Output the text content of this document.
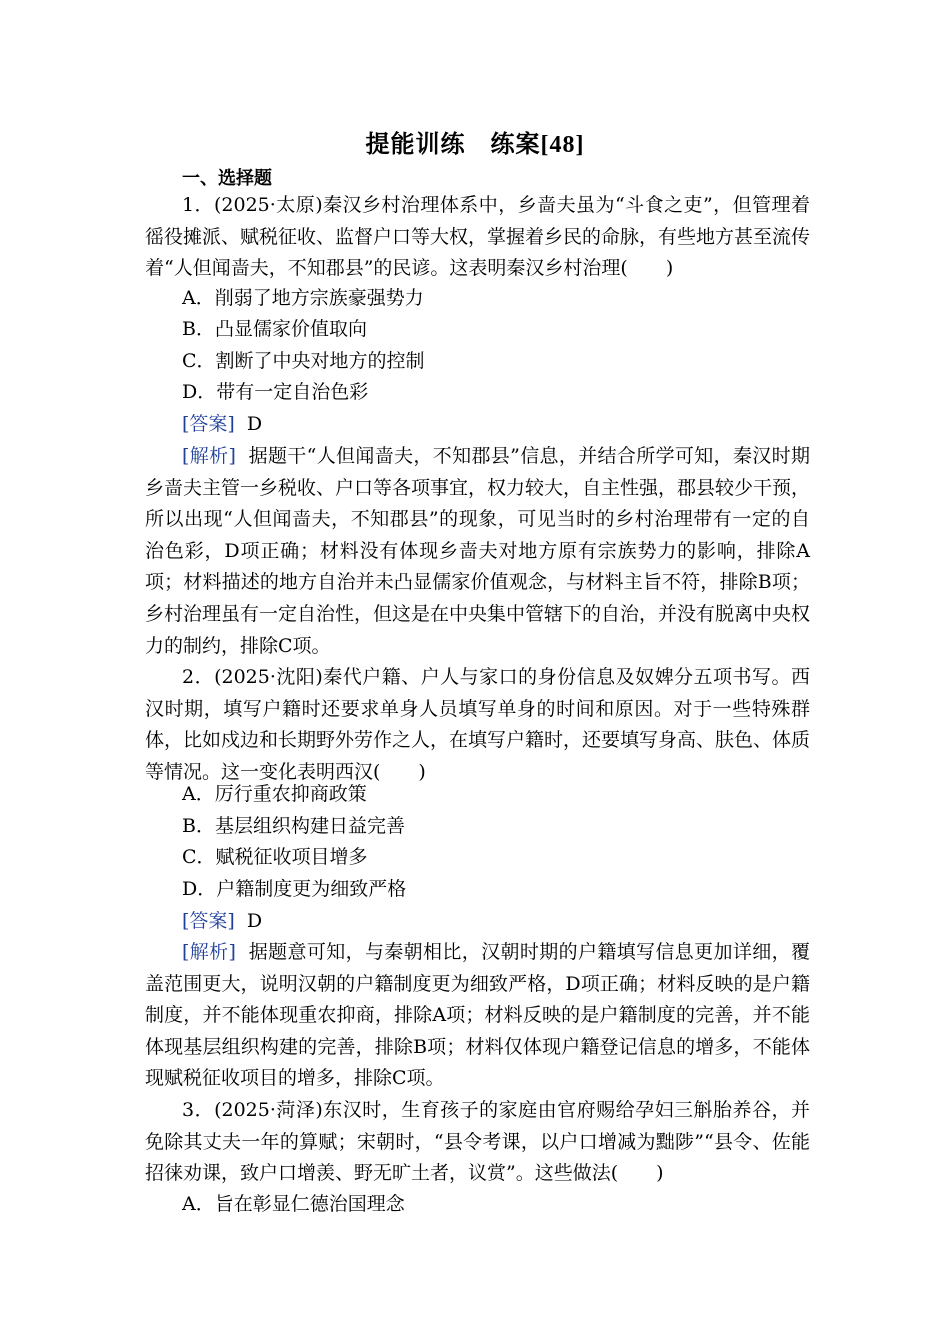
提能训练　练案[48]
一、选择题

1．(2025·太原)秦汉乡村治理体系中，乡啬夫虽为“斗食之吏”，但管理着徭役摊派、赋税征收、监督户口等大权，掌握着乡民的命脉，有些地方甚至流传着“人但闻啬夫，不知郡县”的民谚。这表明秦汉乡村治理(　　)

A．削弱了地方宗族豪强势力
B．凸显儒家价值取向
C．割断了中央对地方的控制
D．带有一定自治色彩
[答案] D

[解析] 据题干“人但闻啬夫，不知郡县”信息，并结合所学可知，秦汉时期乡啬夫主管一乡税收、户口等各项事宜，权力较大，自主性强，郡县较少干预，所以出现“人但闻啬夫，不知郡县”的现象，可见当时的乡村治理带有一定的自治色彩，D项正确；材料没有体现乡啬夫对地方原有宗族势力的影响，排除A项；材料描述的地方自治并未凸显儒家价值观念，与材料主旨不符，排除B项；乡村治理虽有一定自治性，但这是在中央集中管辖下的自治，并没有脱离中央权力的制约，排除C项。

2．(2025·沈阳)秦代户籍、户人与家口的身份信息及奴婢分五项书写。西汉时期，填写户籍时还要求单身人员填写单身的时间和原因。对于一些特殊群体，比如戍边和长期野外劳作之人，在填写户籍时，还要填写身高、肤色、体质等情况。这一变化表明西汉(　　)

A．厉行重农抑商政策
B．基层组织构建日益完善
C．赋税征收项目增多
D．户籍制度更为细致严格
[答案] D

[解析] 据题意可知，与秦朝相比，汉朝时期的户籍填写信息更加详细，覆盖范围更大，说明汉朝的户籍制度更为细致严格，D项正确；材料反映的是户籍制度，并不能体现重农抑商，排除A项；材料反映的是户籍制度的完善，并不能体现基层组织构建的完善，排除B项；材料仅体现户籍登记信息的增多，不能体现赋税征收项目的增多，排除C项。

3．(2025·菏泽)东汉时，生育孩子的家庭由官府赐给孕妇三斛胎养谷，并免除其丈夫一年的算赋；宋朝时，“县令考课，以户口增减为黜陟”“县令、佐能招徕劝课，致户口增羡、野无旷土者，议赏”。这些做法(　　)

A．旨在彰显仁德治国理念
